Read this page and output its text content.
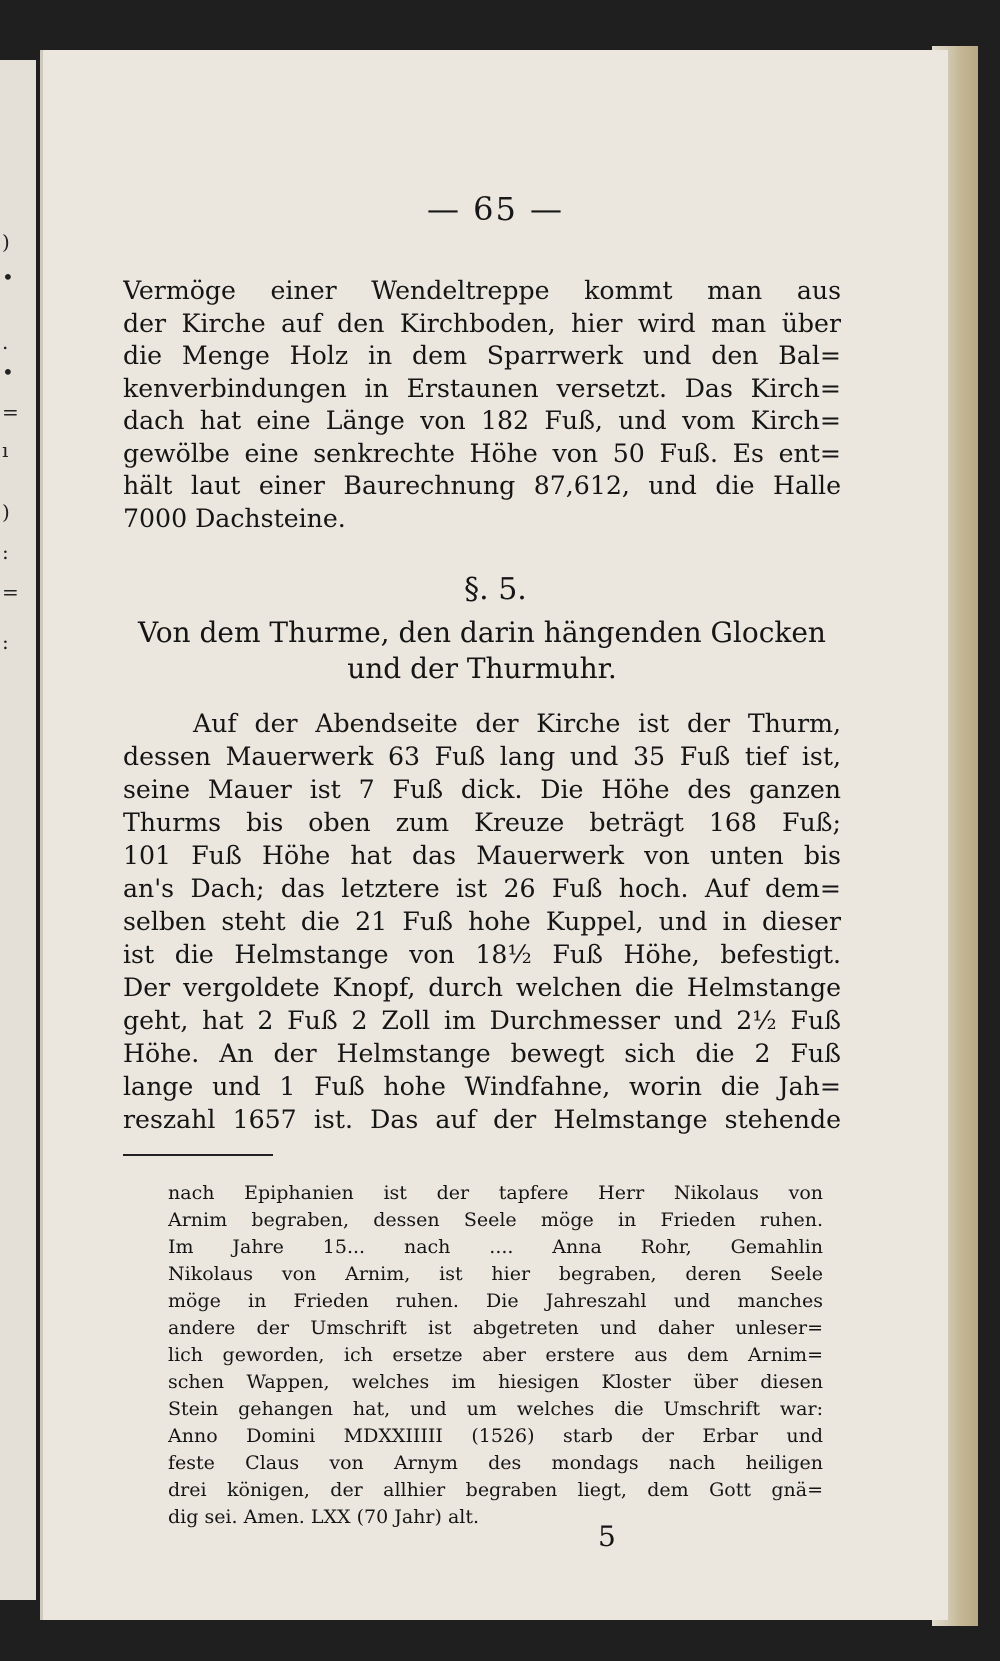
)
•
.
•
=
ı
)
:
=
:
— 65 —
Vermöge einer Wendeltreppe kommt man aus
der Kirche auf den Kirchboden, hier wird man über
die Menge Holz in dem Sparrwerk und den Bal=
kenverbindungen in Erstaunen versetzt. Das Kirch=
dach hat eine Länge von 182 Fuß, und vom Kirch=
gewölbe eine senkrechte Höhe von 50 Fuß. Es ent=
hält laut einer Baurechnung 87,612, und die Halle
7000 Dachsteine.
§. 5.
Von dem Thurme, den darin hängenden Glocken
und der Thurmuhr.
Auf der Abendseite der Kirche ist der Thurm,
dessen Mauerwerk 63 Fuß lang und 35 Fuß tief ist,
seine Mauer ist 7 Fuß dick. Die Höhe des ganzen
Thurms bis oben zum Kreuze beträgt 168 Fuß;
101 Fuß Höhe hat das Mauerwerk von unten bis
an's Dach; das letztere ist 26 Fuß hoch. Auf dem=
selben steht die 21 Fuß hohe Kuppel, und in dieser
ist die Helmstange von 18½ Fuß Höhe, befestigt.
Der vergoldete Knopf, durch welchen die Helmstange
geht, hat 2 Fuß 2 Zoll im Durchmesser und 2½ Fuß
Höhe. An der Helmstange bewegt sich die 2 Fuß
lange und 1 Fuß hohe Windfahne, worin die Jah=
reszahl 1657 ist. Das auf der Helmstange stehende
nach Epiphanien ist der tapfere Herr Nikolaus von
Arnim begraben, dessen Seele möge in Frieden ruhen.
Im Jahre 15... nach .... Anna Rohr, Gemahlin
Nikolaus von Arnim, ist hier begraben, deren Seele
möge in Frieden ruhen. Die Jahreszahl und manches
andere der Umschrift ist abgetreten und daher unleser=
lich geworden, ich ersetze aber erstere aus dem Arnim=
schen Wappen, welches im hiesigen Kloster über diesen
Stein gehangen hat, und um welches die Umschrift war:
Anno Domini MDXXIIIII (1526) starb der Erbar und
feste Claus von Arnym des mondags nach heiligen
drei königen, der allhier begraben liegt, dem Gott gnä=
dig sei. Amen. LXX (70 Jahr) alt.
5
